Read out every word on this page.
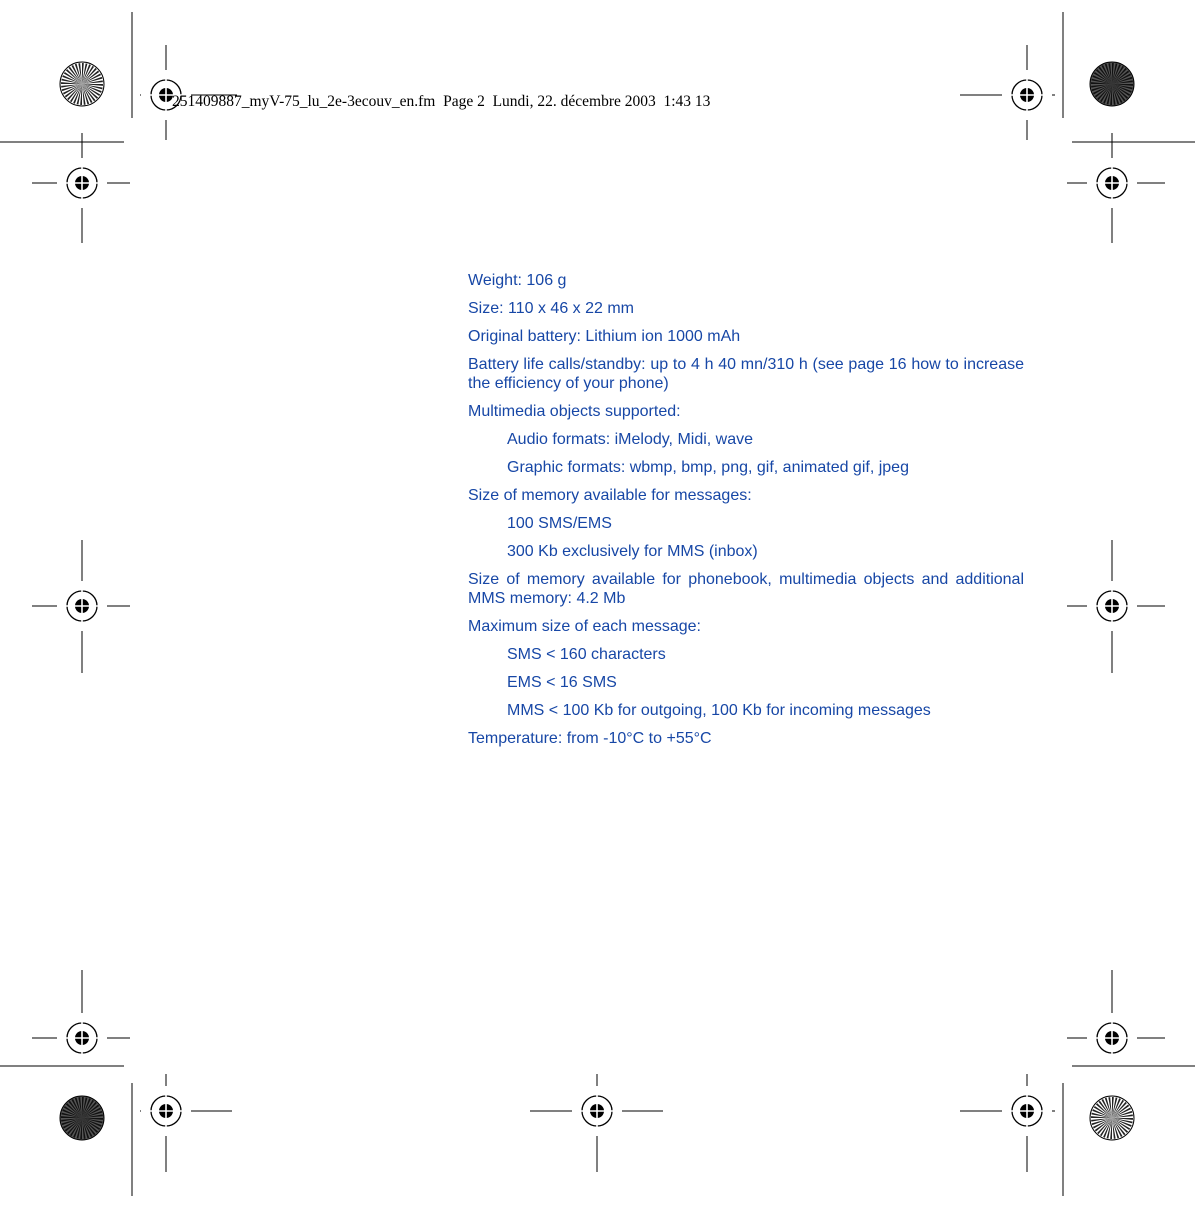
251409887_myV-75_lu_2e-3ecouv_en.fm Page 2 Lundi, 22. décembre 2003 1:43 13

Weight: 106 g

Size: 110 x 46 x 22 mm

Original battery: Lithium ion 1000 mAh

Battery life calls/standby: up to 4 h 40 mn/310 h (see page 16 how to increase the efficiency of your phone)

Multimedia objects supported:

Audio formats: iMelody, Midi, wave

Graphic formats: wbmp, bmp, png, gif, animated gif, jpeg

Size of memory available for messages:

100 SMS/EMS

300 Kb exclusively for MMS (inbox)

Size of memory available for phonebook, multimedia objects and additional MMS memory: 4.2 Mb

Maximum size of each message:

SMS < 160 characters

EMS < 16 SMS

MMS < 100 Kb for outgoing, 100 Kb for incoming messages

Temperature: from -10°C to +55°C
